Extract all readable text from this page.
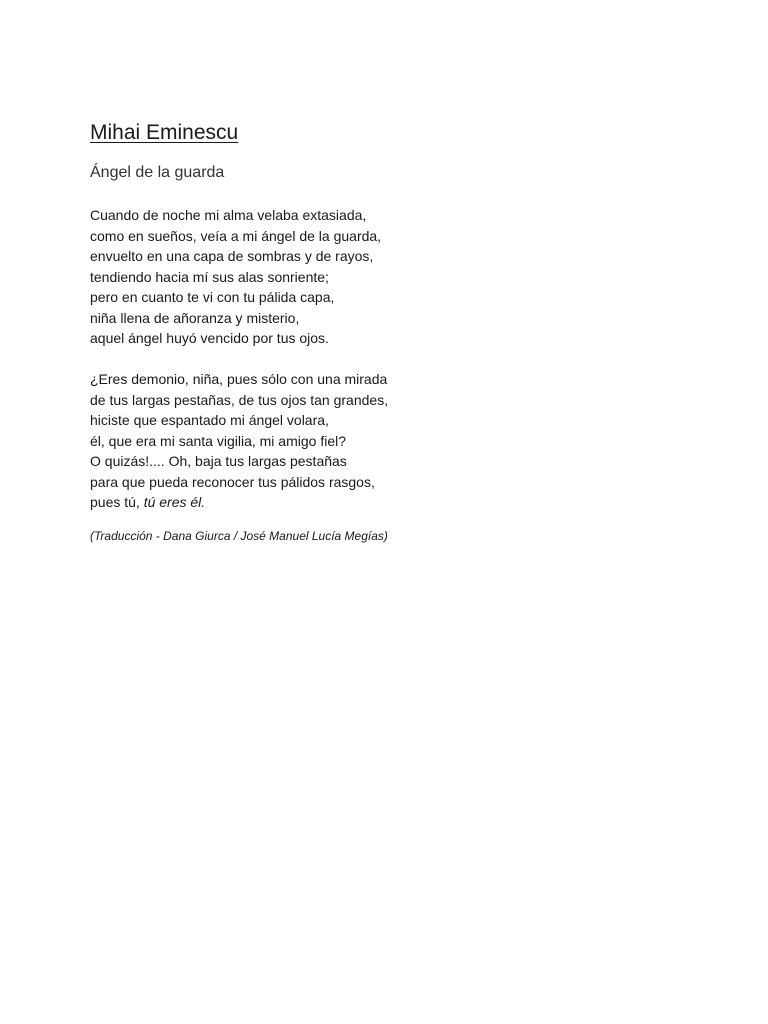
Mihai Eminescu
Ángel de la guarda

Cuando de noche mi alma velaba extasiada,
como en sueños, veía a mi ángel de la guarda,
envuelto en una capa de sombras y de rayos,
tendiendo hacia mí sus alas sonriente;
pero en cuanto te vi con tu pálida capa,
niña llena de añoranza y misterio,
aquel ángel huyó vencido por tus ojos.

¿Eres demonio, niña, pues sólo con una mirada
de tus largas pestañas, de tus ojos tan grandes,
hiciste que espantado mi ángel volara,
él, que era mi santa vigilia, mi amigo fiel?
O quizás!.... Oh, baja tus largas pestañas
para que pueda reconocer tus pálidos rasgos,
pues tú, tú eres él.

(Traducción - Dana Giurca / José Manuel Lucía Megías)
